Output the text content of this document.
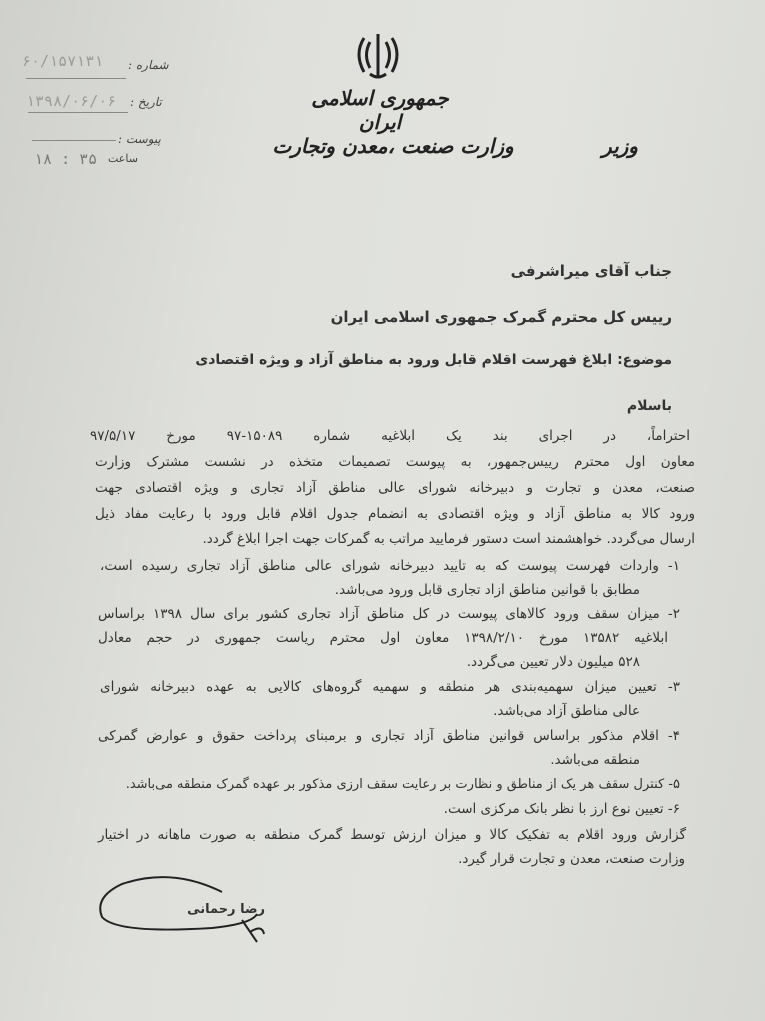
جمهوری اسلامی ایران
وزارت صنعت ،معدن وتجارت	وزیر
شماره :
۶۰/۱۵۷۱۳۱
تاریخ :
۱۳۹۸/۰۶/۰۶
پیوست :
ساعت
۱۸ : ۳۵
جناب آقای میراشرفی
رییس کل محترم گمرک جمهوری اسلامی ایران
موضوع: ابلاغ فهرست اقلام قابل ورود به مناطق آزاد و ویژه اقتصادی
باسلام
احتراماً، در اجرای بند یک ابلاغیه شماره ۱۵۰۸۹-۹۷ مورخ ۹۷/۵/۱۷
معاون اول محترم رییس‌جمهور، به پیوست تصمیمات متخذه در نشست مشترک وزارت
صنعت، معدن و تجارت و دبیرخانه شورای عالی مناطق آزاد تجاری و ویژه اقتصادی جهت
ورود کالا به مناطق آزاد و ویژه اقتصادی به انضمام جدول اقلام قابل ورود با رعایت مفاد ذیل
ارسال می‌گردد. خواهشمند است دستور فرمایید مراتب به گمرکات جهت اجرا ابلاغ گردد.
۱- واردات فهرست پیوست که به تایید دبیرخانه شورای عالی مناطق آزاد تجاری رسیده است،
مطابق با قوانین مناطق ازاد تجاری قابل ورود می‌باشد.
۲- میزان سقف ورود کالاهای پیوست در کل مناطق آزاد تجاری کشور برای سال ۱۳۹۸ براساس
ابلاغیه ۱۳۵۸۲ مورخ ۱۳۹۸/۲/۱۰ معاون اول محترم ریاست جمهوری در حجم معادل
۵۲۸ میلیون دلار تعیین می‌گردد.
۳- تعیین میزان سهمیه‌بندی هر منطقه و سهمیه گروه‌های کالایی به عهده دبیرخانه شورای
عالی مناطق آزاد می‌باشد.
۴- اقلام مذکور براساس قوانین مناطق آزاد تجاری و برمبنای پرداخت حقوق و عوارض گمرکی
منطقه می‌باشد.
۵- کنترل سقف هر یک از مناطق و نظارت بر رعایت سقف ارزی مذکور بر عهده گمرک منطقه می‌باشد.
۶- تعیین نوع ارز با نظر بانک مرکزی است.
گزارش ورود اقلام به تفکیک کالا و میزان ارزش توسط گمرک منطقه به صورت ماهانه در اختیار
وزارت صنعت، معدن و تجارت قرار گیرد.
رضا رحمانی
